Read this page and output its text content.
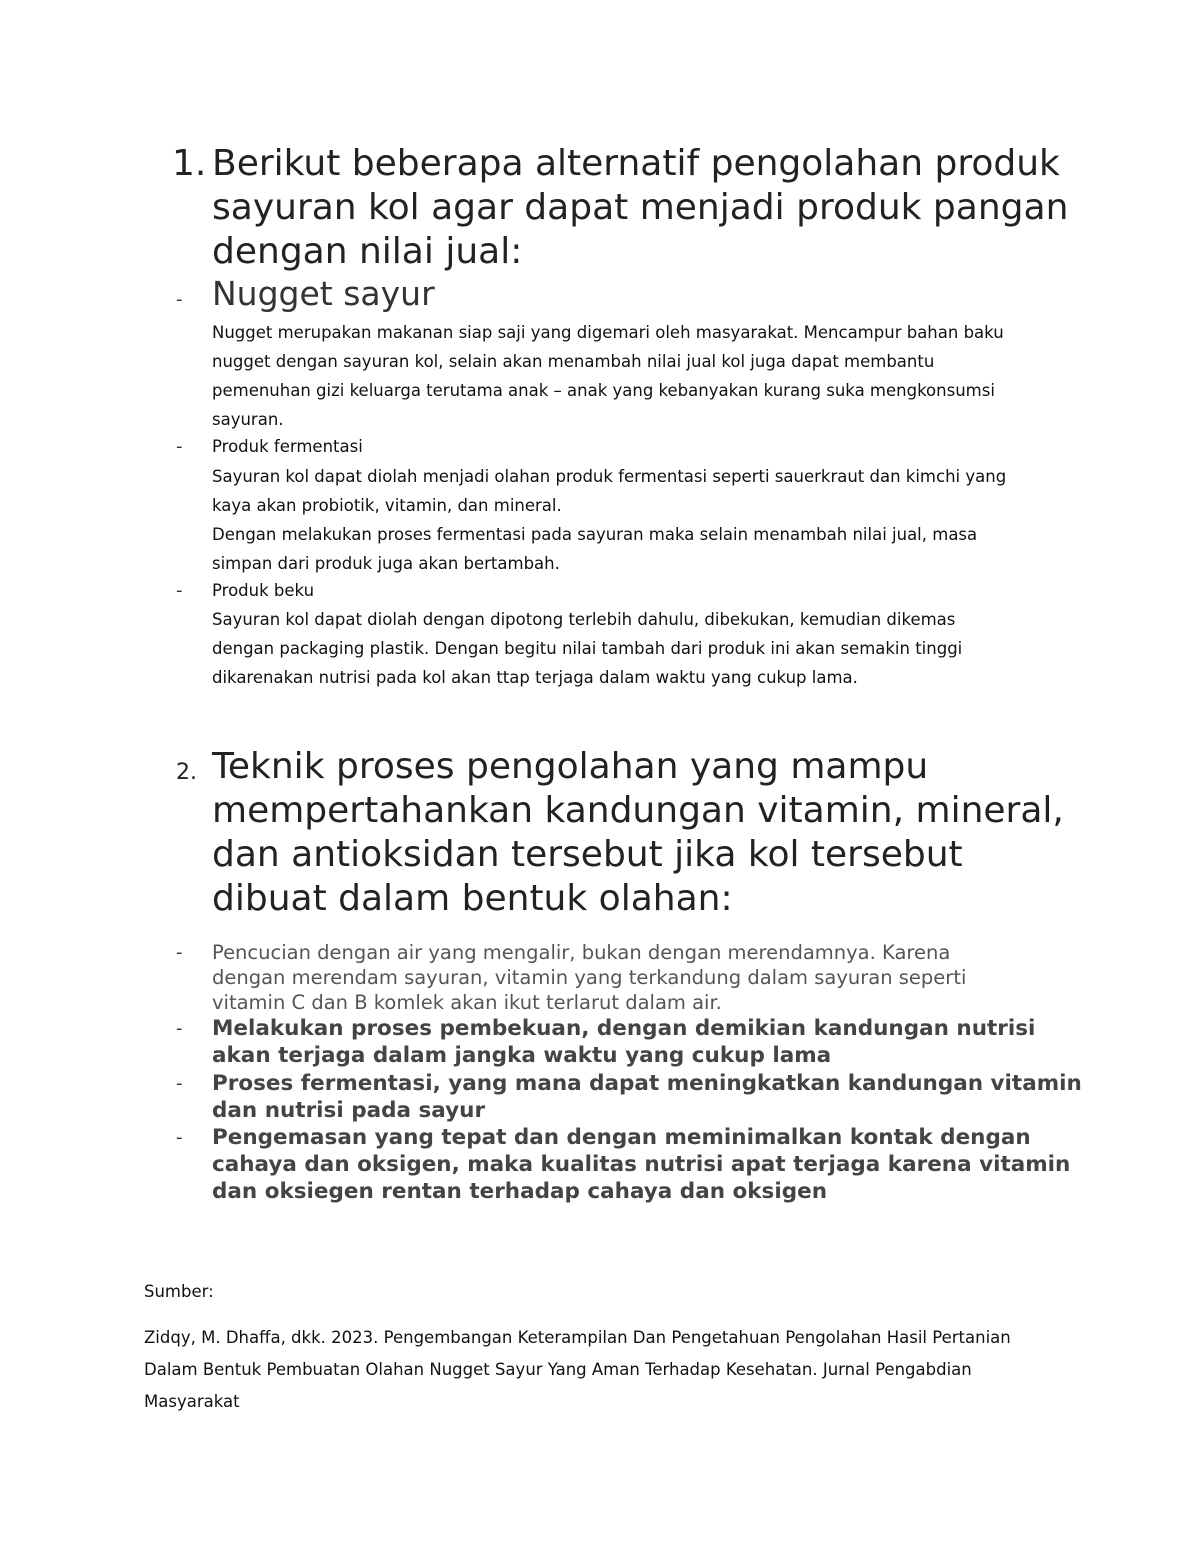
1. Berikut beberapa alternatif pengolahan produk
sayuran kol agar dapat menjadi produk pangan
dengan nilai jual:
- Nugget sayur
Nugget merupakan makanan siap saji yang digemari oleh masyarakat. Mencampur bahan baku
nugget dengan sayuran kol, selain akan menambah nilai jual kol juga dapat membantu
pemenuhan gizi keluarga terutama anak – anak yang kebanyakan kurang suka mengkonsumsi
sayuran.
- Produk fermentasi
Sayuran kol dapat diolah menjadi olahan produk fermentasi seperti sauerkraut dan kimchi yang
kaya akan probiotik, vitamin, dan mineral.
Dengan melakukan proses fermentasi pada sayuran maka selain menambah nilai jual, masa
simpan dari produk juga akan bertambah.
- Produk beku
Sayuran kol dapat diolah dengan dipotong terlebih dahulu, dibekukan, kemudian dikemas
dengan packaging plastik. Dengan begitu nilai tambah dari produk ini akan semakin tinggi
dikarenakan nutrisi pada kol akan ttap terjaga dalam waktu yang cukup lama.
2. Teknik proses pengolahan yang mampu
mempertahankan kandungan vitamin, mineral,
dan antioksidan tersebut jika kol tersebut
dibuat dalam bentuk olahan:
- Pencucian dengan air yang mengalir, bukan dengan merendamnya. Karena
dengan merendam sayuran, vitamin yang terkandung dalam sayuran seperti
vitamin C dan B komlek akan ikut terlarut dalam air.
- Melakukan proses pembekuan, dengan demikian kandungan nutrisi
akan terjaga dalam jangka waktu yang cukup lama
- Proses fermentasi, yang mana dapat meningkatkan kandungan vitamin
dan nutrisi pada sayur
- Pengemasan yang tepat dan dengan meminimalkan kontak dengan
cahaya dan oksigen, maka kualitas nutrisi apat terjaga karena vitamin
dan oksiegen rentan terhadap cahaya dan oksigen
Sumber:
Zidqy, M. Dhaffa, dkk. 2023. Pengembangan Keterampilan Dan Pengetahuan Pengolahan Hasil Pertanian
Dalam Bentuk Pembuatan Olahan Nugget Sayur Yang Aman Terhadap Kesehatan. Jurnal Pengabdian
Masyarakat
